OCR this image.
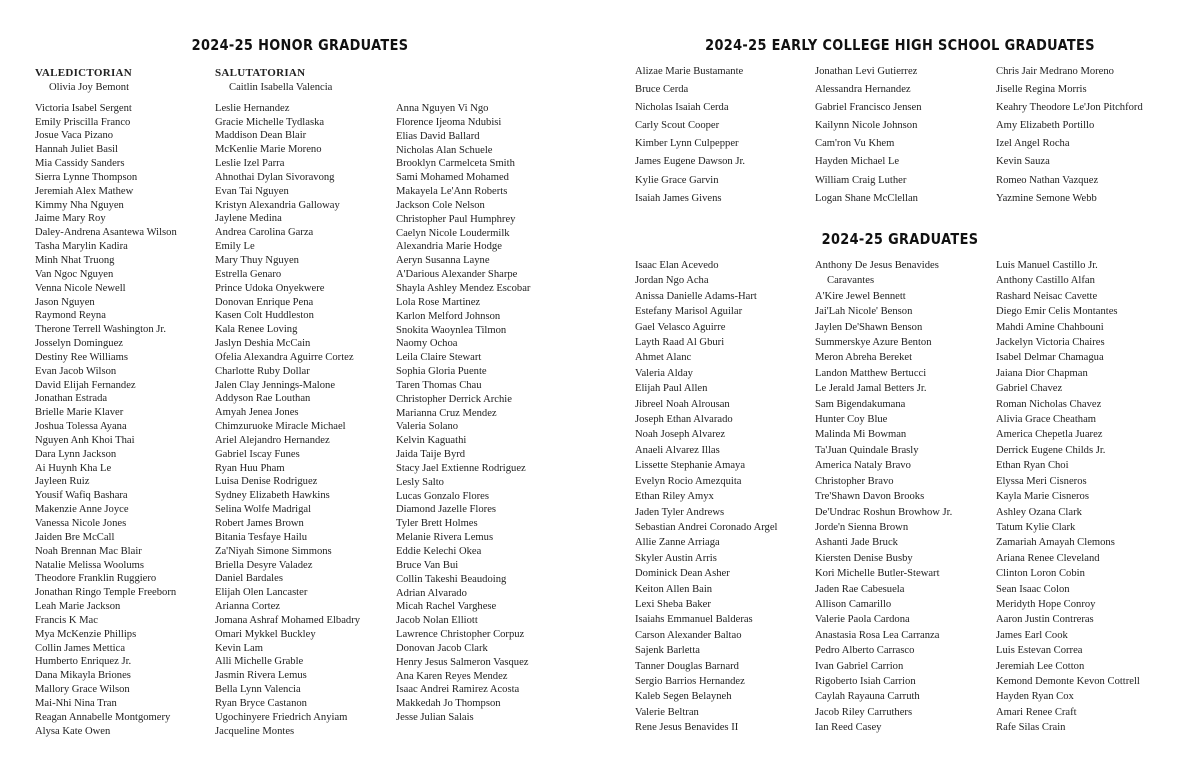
2024-25 HONOR GRADUATES
VALEDICTORIAN
Olivia Joy Bemont
Victoria Isabel Sergent
Emily Priscilla Franco
Josue Vaca Pizano
Hannah Juliet Basil
Mia Cassidy Sanders
Sierra Lynne Thompson
Jeremiah Alex Mathew
Kimmy Nha Nguyen
Jaime Mary Roy
Daley-Andrena Asantewa Wilson
Tasha Marylin Kadira
Minh Nhat Truong
Van Ngoc Nguyen
Venna Nicole Newell
Jason Nguyen
Raymond Reyna
Therone Terrell Washington Jr.
Josselyn Dominguez
Destiny Ree Williams
Evan Jacob Wilson
David Elijah Fernandez
Jonathan Estrada
Brielle Marie Klaver
Joshua Tolessa Ayana
Nguyen Anh Khoi Thai
Dara Lynn Jackson
Ai Huynh Kha Le
Jayleen Ruiz
Yousif Wafiq Bashara
Makenzie Anne Joyce
Vanessa Nicole Jones
Jaiden Bre McCall
Noah Brennan Mac Blair
Natalie Melissa Woolums
Theodore Franklin Ruggiero
Jonathan Ringo Temple Freeborn
Leah Marie Jackson
Francis K Mac
Mya McKenzie Phillips
Collin James Mettica
Humberto Enriquez Jr.
Dana Mikayla Briones
Mallory Grace Wilson
Mai-Nhi Nina Tran
Reagan Annabelle Montgomery
Alysa Kate Owen
SALUTATORIAN
Caitlin Isabella Valencia
Leslie Hernandez
Gracie Michelle Tydlaska
Maddison Dean Blair
McKenlie Marie Moreno
Leslie Izel Parra
Ahnothai Dylan Sivoravong
Evan Tai Nguyen
Kristyn Alexandria Galloway
Jaylene Medina
Andrea Carolina Garza
Emily Le
Mary Thuy Nguyen
Estrella Genaro
Prince Udoka Onyekwere
Donovan Enrique Pena
Kasen Colt Huddleston
Kala Renee Loving
Jaslyn Deshia McCain
Ofelia Alexandra Aguirre Cortez
Charlotte Ruby Dollar
Jalen Clay Jennings-Malone
Addyson Rae Louthan
Amyah Jenea Jones
Chimzuruoke Miracle Michael
Ariel Alejandro Hernandez
Gabriel Iscay Funes
Ryan Huu Pham
Luisa Denise Rodriguez
Sydney Elizabeth Hawkins
Selina Wolfe Madrigal
Robert James Brown
Bitania Tesfaye Hailu
Za'Niyah Simone Simmons
Briella Desyre Valadez
Daniel Bardales
Elijah Olen Lancaster
Arianna Cortez
Jomana Ashraf Mohamed Elbadry
Omari Mykkel Buckley
Kevin Lam
Alli Michelle Grable
Jasmin Rivera Lemus
Bella Lynn Valencia
Ryan Bryce Castanon
Ugochinyere Friedrich Anyiam
Jacqueline Montes
Anna Nguyen Vi Ngo
Florence Ijeoma Ndubisi
Elias David Ballard
Nicholas Alan Schuele
Brooklyn Carmelceta Smith
Sami Mohamed Mohamed
Makayela Le'Ann Roberts
Jackson Cole Nelson
Christopher Paul Humphrey
Caelyn Nicole Loudermilk
Alexandria Marie Hodge
Aeryn Susanna Layne
A'Darious Alexander Sharpe
Shayla Ashley Mendez Escobar
Lola Rose Martinez
Karlon Melford Johnson
Snokita Waoynlea Tilmon
Naomy Ochoa
Leila Claire Stewart
Sophia Gloria Puente
Taren Thomas Chau
Christopher Derrick Archie
Marianna Cruz Mendez
Valeria Solano
Kelvin Kaguathi
Jaida Taije Byrd
Stacy Jael Extienne Rodriguez
Lesly Salto
Lucas Gonzalo Flores
Diamond Jazelle Flores
Tyler Brett Holmes
Melanie Rivera Lemus
Eddie Kelechi Okea
Bruce Van Bui
Collin Takeshi Beaudoing
Adrian Alvarado
Micah Rachel Varghese
Jacob Nolan Elliott
Lawrence Christopher Corpuz
Donovan Jacob Clark
Henry Jesus Salmeron Vasquez
Ana Karen Reyes Mendez
Isaac Andrei Ramirez Acosta
Makkedah Jo Thompson
Jesse Julian Salais
2024-25 EARLY COLLEGE HIGH SCHOOL GRADUATES
Alizae Marie Bustamante
Bruce Cerda
Nicholas Isaiah Cerda
Carly Scout Cooper
Kimber Lynn Culpepper
James Eugene Dawson Jr.
Kylie Grace Garvin
Isaiah James Givens
Jonathan Levi Gutierrez
Alessandra Hernandez
Gabriel Francisco Jensen
Kailynn Nicole Johnson
Cam'ron Vu Khem
Hayden Michael Le
William Craig Luther
Logan Shane McClellan
Chris Jair Medrano Moreno
Jiselle Regina Morris
Keahry Theodore Le'Jon Pitchford
Amy Elizabeth Portillo
Izel Angel Rocha
Kevin Sauza
Romeo Nathan Vazquez
Yazmine Semone Webb
2024-25 GRADUATES
Isaac Elan Acevedo
Jordan Ngo Acha
Anissa Danielle Adams-Hart
Estefany Marisol Aguilar
Gael Velasco Aguirre
Layth Raad Al Gburi
Ahmet Alanc
Valeria Alday
Elijah Paul Allen
Jibreel Noah Alrousan
Joseph Ethan Alvarado
Noah Joseph Alvarez
Anaeli Alvarez Illas
Lissette Stephanie Amaya
Evelyn Rocio Amezquita
Ethan Riley Amyx
Jaden Tyler Andrews
Sebastian Andrei Coronado Argel
Allie Zanne Arriaga
Skyler Austin Arris
Dominick Dean Asher
Keiton Allen Bain
Lexi Sheba Baker
Isaiahs Emmanuel Balderas
Carson Alexander Baltao
Sajenk Barletta
Tanner Douglas Barnard
Sergio Barrios Hernandez
Kaleb Segen Belayneh
Valerie Beltran
Rene Jesus Benavides II
Anthony De Jesus Benavides
Caravantes
A'Kire Jewel Bennett
Jai'Lah Nicole' Benson
Jaylen De'Shawn Benson
Summerskye Azure Benton
Meron Abreha Bereket
Landon Matthew Bertucci
Le Jerald Jamal Betters Jr.
Sam Bigendakumana
Hunter Coy Blue
Malinda Mi Bowman
Ta'Juan Quindale Brasly
America Nataly Bravo
Christopher Bravo
Tre'Shawn Davon Brooks
De'Undrac Roshun Browhow Jr.
Jorde'n Sienna Brown
Ashanti Jade Bruck
Kiersten Denise Busby
Kori Michelle Butler-Stewart
Jaden Rae Cabesuela
Allison Camarillo
Valerie Paola Cardona
Anastasia Rosa Lea Carranza
Pedro Alberto Carrasco
Ivan Gabriel Carrion
Rigoberto Isiah Carrion
Caylah Rayauna Carruth
Jacob Riley Carruthers
Ian Reed Casey
Luis Manuel Castillo Jr.
Anthony Castillo Alfan
Rashard Neisac Cavette
Diego Emir Celis Montantes
Mahdi Amine Chahbouni
Jackelyn Victoria Chaires
Isabel Delmar Chamagua
Jaiana Dior Chapman
Gabriel Chavez
Roman Nicholas Chavez
Alivia Grace Cheatham
America Chepetla Juarez
Derrick Eugene Childs Jr.
Ethan Ryan Choi
Elyssa Meri Cisneros
Kayla Marie Cisneros
Ashley Ozana Clark
Tatum Kylie Clark
Zamariah Amayah Clemons
Ariana Renee Cleveland
Clinton Loron Cobin
Sean Isaac Colon
Meridyth Hope Conroy
Aaron Justin Contreras
James Earl Cook
Luis Estevan Correa
Jeremiah Lee Cotton
Kemond Demonte Kevon Cottrell
Hayden Ryan Cox
Amari Renee Craft
Rafe Silas Crain
